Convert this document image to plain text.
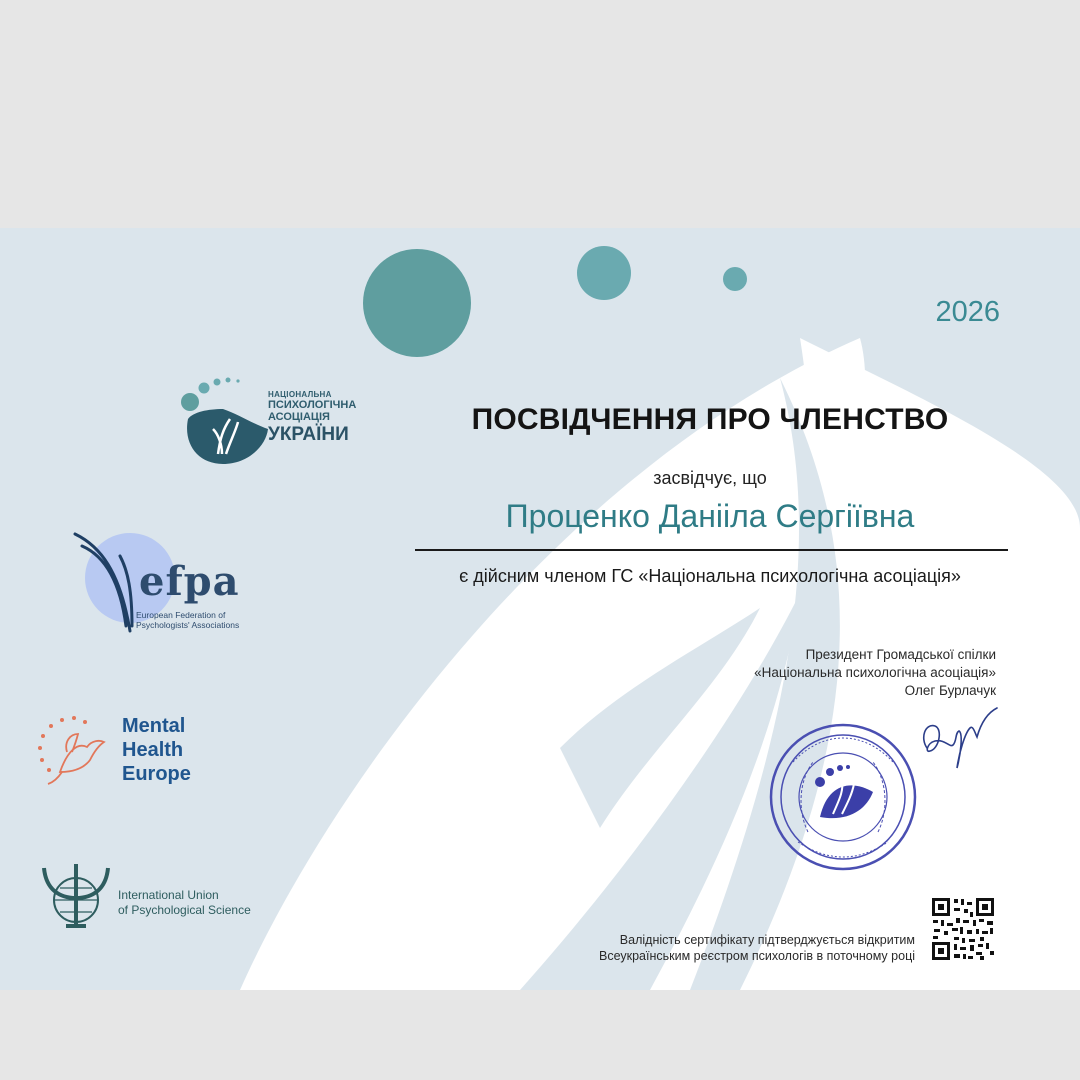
2026
ПОСВІДЧЕННЯ ПРО ЧЛЕНСТВО
засвідчує, що
Проценко Данііла Сергіївна
є дійсним членом ГС «Національна психологічна асоціація»
Президент Громадської спілки
«Національна психологічна асоціація»
Олег Бурлачук
Валідність сертифікату підтверджується відкритим
Всеукраїнським реєстром психологів в поточному році
НАЦІОНАЛЬНА
ПСИХОЛОГІЧНА
АСОЦІАЦІЯ
УКРАЇНИ
efpa
European Federation of
Psychologists' Associations
Mental
Health
Europe
International Union
of Psychological Science
